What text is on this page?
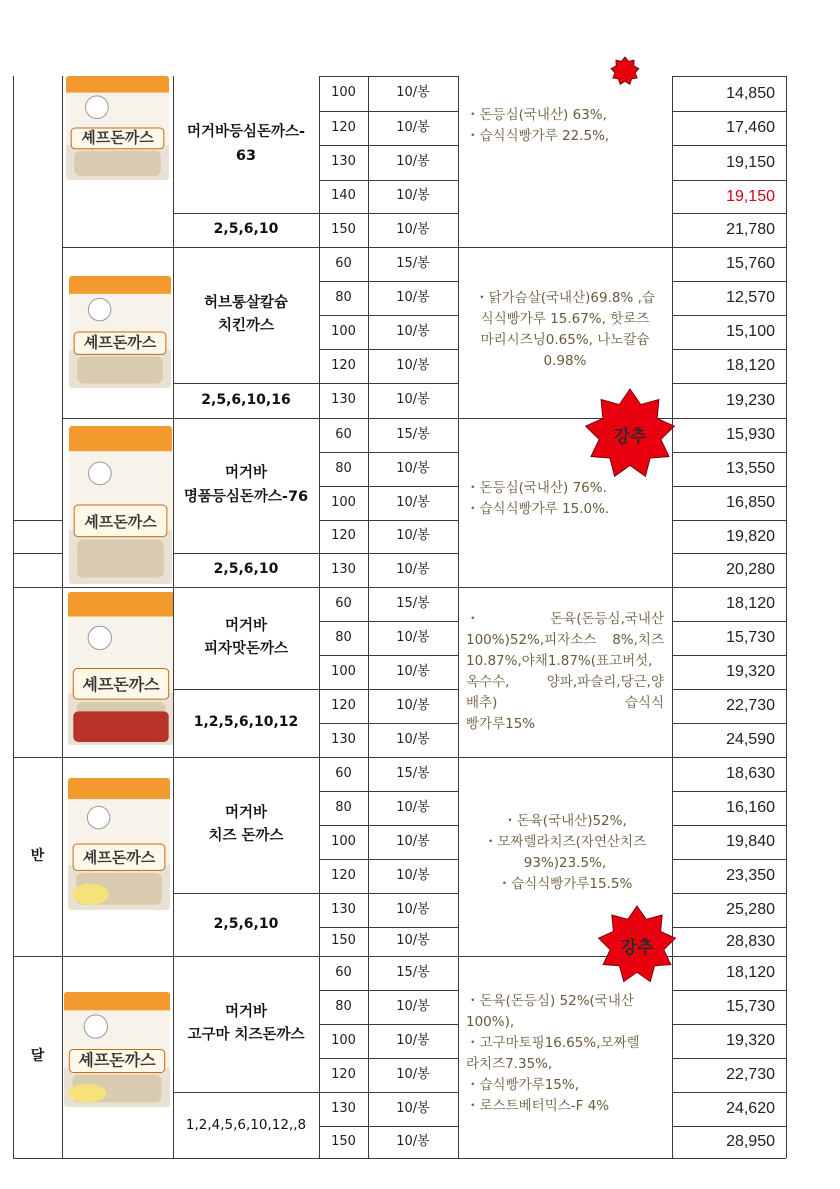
머거바등심돈까스-
63
2,5,6,10
100	10/봉	14,850
120	10/봉	17,460
130	10/봉	19,150
140	10/봉	19,150
150	10/봉	21,780
・돈등심(국내산) 63%,
・습식식빵가루 22.5%,
셰프돈까스
허브통살칼슘
치킨까스
2,5,6,10,16
60	15/봉	15,760
80	10/봉	12,570
100	10/봉	15,100
120	10/봉	18,120
130	10/봉	19,230
・닭가슴살(국내산)69.8% ,습
식식빵가루 15.67%, 핫로즈
마리시즈닝0.65%, 나노칼슘
0.98%
셰프돈까스
머거바
명품등심돈까스-76
2,5,6,10
60	15/봉	15,930
80	10/봉	13,550
100	10/봉	16,850
120	10/봉	19,820
130	10/봉	20,280
・돈등심(국내산) 76%.
・습식식빵가루 15.0%.
셰프돈까스
머거바
피자맛돈까스
1,2,5,6,10,12
60	15/봉	18,120
80	10/봉	15,730
100	10/봉	19,320
120	10/봉	22,730
130	10/봉	24,590
・돈육(돈등심,국내산
100%)52%,피자소스 8%,치즈
10.87%,야채1.87%(표고버섯,
옥수수, 양파,파슬리,당근,양
배추) 습식식
빵가루15%
셰프돈까스
머거바
치즈 돈까스
2,5,6,10
60	15/봉	18,630
80	10/봉	16,160
100	10/봉	19,840
120	10/봉	23,350
130	10/봉	25,280
150	10/봉	28,830
・돈육(국내산)52%,
・모짜렐라치즈(자연산치즈
93%)23.5%,
・습식식빵가루15.5%
셰프돈까스
머거바
고구마 치즈돈까스
1,2,4,5,6,10,12,,8
60	15/봉	18,120
80	10/봉	15,730
100	10/봉	19,320
120	10/봉	22,730
130	10/봉	24,620
150	10/봉	28,950
・돈육(돈등심) 52%(국내산
100%),
・고구마토핑16.65%,모짜렐
라치즈7.35%,
・습식빵가루15%,
・로스트베터믹스-F 4%
셰프돈까스
반
달
강추
강추
